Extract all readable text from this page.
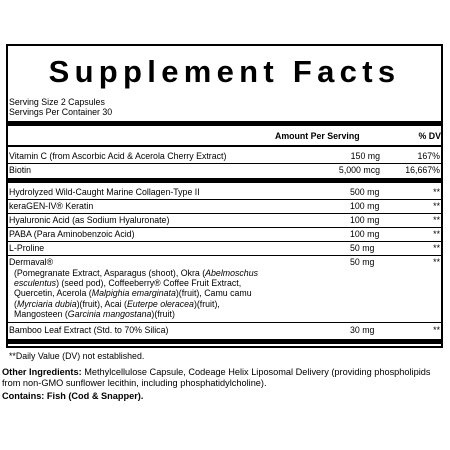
Supplement Facts
Serving Size 2 Capsules
Servings Per Container 30
Amount Per Serving	% DV
Vitamin C (from Ascorbic Acid & Acerola Cherry Extract)	150 mg	167%
Biotin	5,000 mcg	16,667%
Hydrolyzed Wild-Caught Marine Collagen-Type II	500 mg	**
keraGEN-IV® Keratin	100 mg	**
Hyaluronic Acid (as Sodium Hyaluronate)	100 mg	**
PABA (Para Aminobenzoic Acid)	100 mg	**
L-Proline	50 mg	**
Dermaval®	50 mg	**
(Pomegranate Extract, Asparagus (shoot), Okra (Abelmoschus
esculentus) (seed pod), Coffeeberry® Coffee Fruit Extract,
Quercetin, Acerola (Malpighia emarginata)(fruit), Camu camu
(Myrciaria dubia)(fruit), Acai (Euterpe oleracea)(fruit),
Mangosteen (Garcinia mangostana)(fruit)
Bamboo Leaf Extract (Std. to 70% Silica)	30 mg	**
**Daily Value (DV) not established.
Other Ingredients: Methylcellulose Capsule, Codeage Helix Liposomal Delivery (providing phospholipids from non-GMO sunflower lecithin, including phosphatidylcholine).
Contains: Fish (Cod & Snapper).
